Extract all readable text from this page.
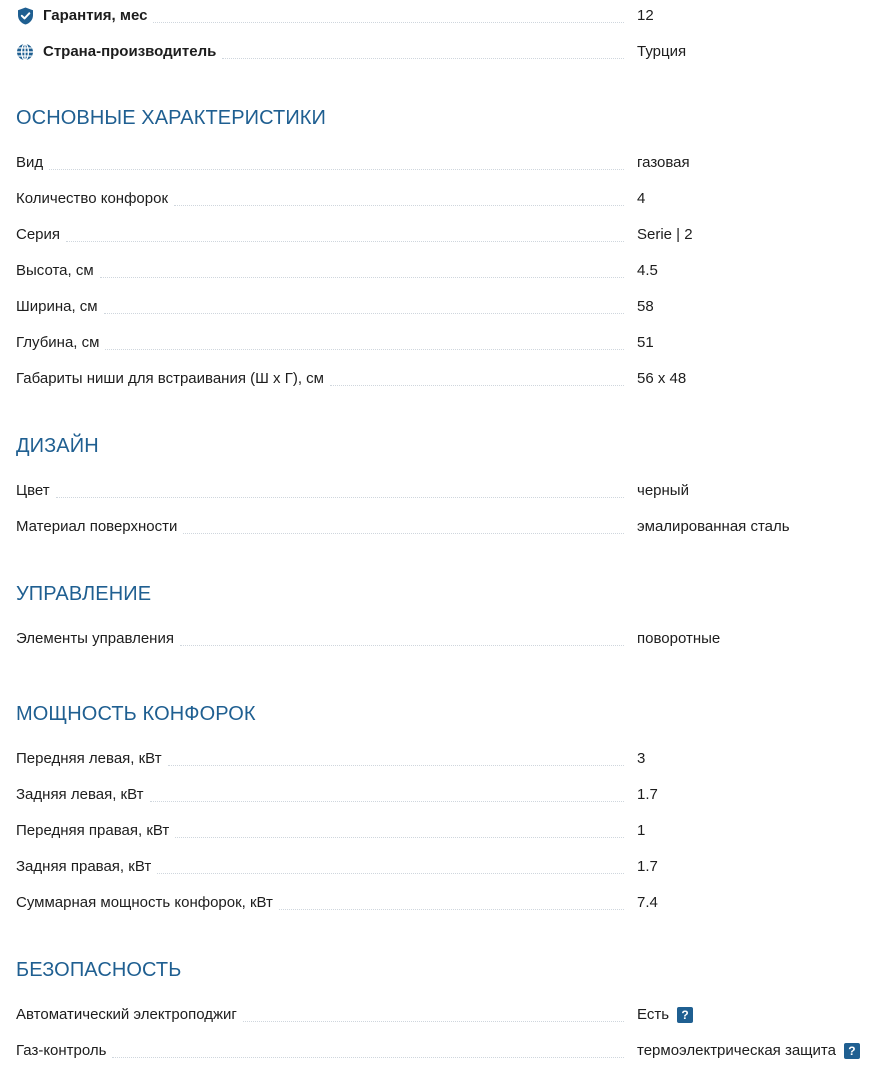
Гарантия, мес	12
Страна-производитель	Турция
ОСНОВНЫЕ ХАРАКТЕРИСТИКИ
Вид	газовая
Количество конфорок	4
Серия	Serie | 2
Высота, см	4.5
Ширина, см	58
Глубина, см	51
Габариты ниши для встраивания (Ш х Г), см	56 х 48
ДИЗАЙН
Цвет	черный
Материал поверхности	эмалированная сталь
УПРАВЛЕНИЕ
Элементы управления	поворотные
МОЩНОСТЬ КОНФОРОК
Передняя левая, кВт	3
Задняя левая, кВт	1.7
Передняя правая, кВт	1
Задняя правая, кВт	1.7
Суммарная мощность конфорок, кВт	7.4
БЕЗОПАСНОСТЬ
Автоматический электроподжиг	Есть	?
Газ-контроль	термоэлектрическая защита	?
